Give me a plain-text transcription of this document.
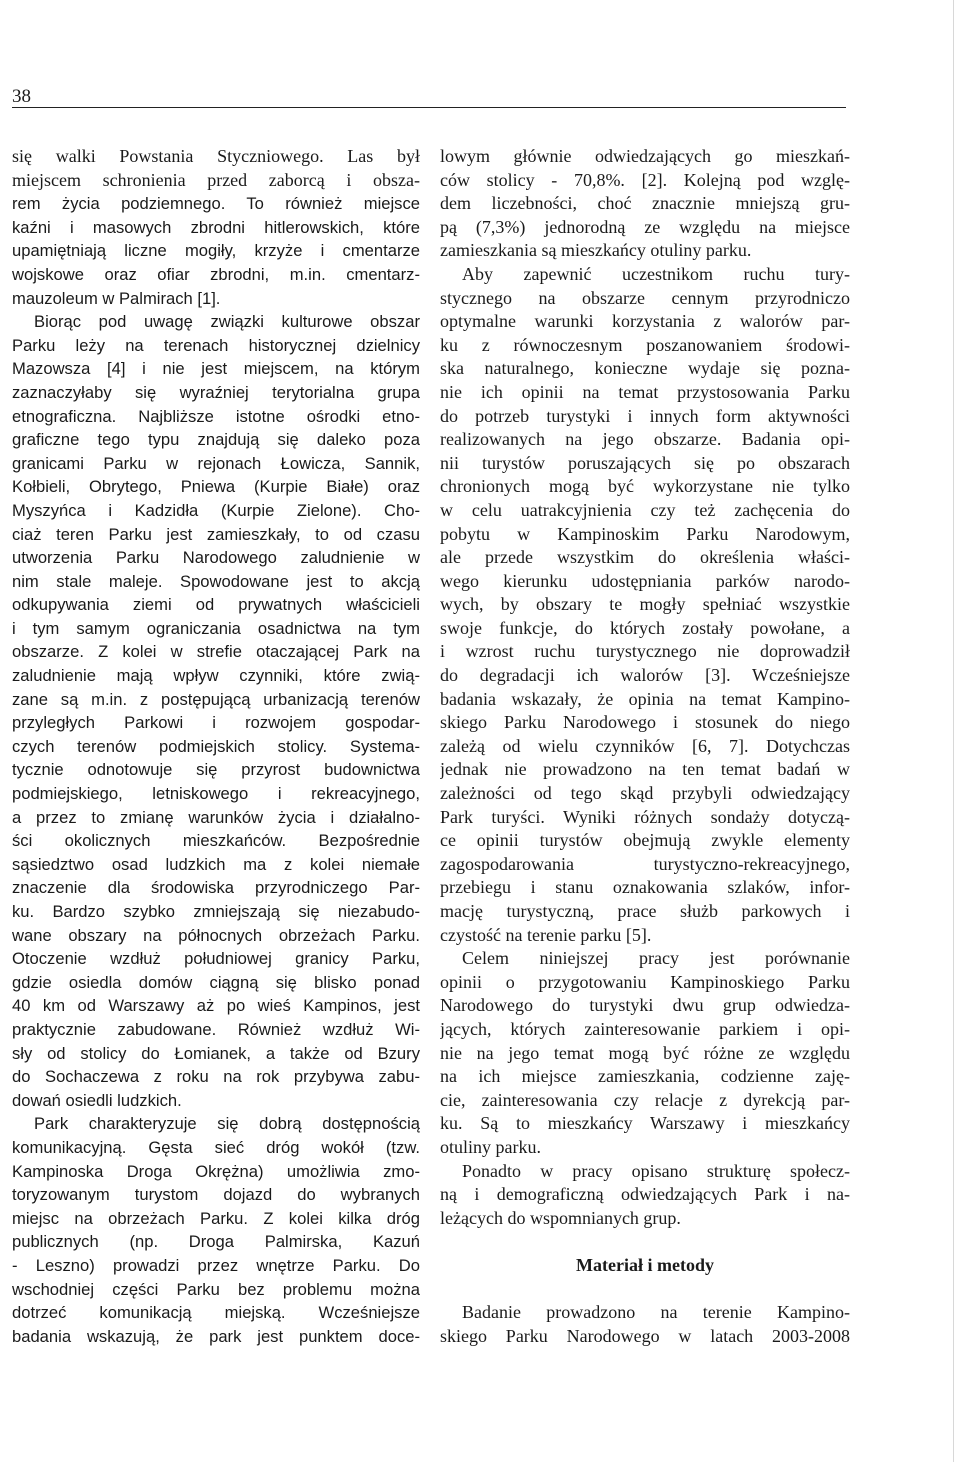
38
się walki Powstania Styczniowego. Las był
miejscem schronienia przed zaborcą i obsza-
rem życia podziemnego. To również miejsce
kaźni i masowych zbrodni hitlerowskich, które
upamiętniają liczne mogiły, krzyże i cmentarze
wojskowe oraz ofiar zbrodni, m.in. cmentarz-
mauzoleum w Palmirach [1].
Biorąc pod uwagę związki kulturowe obszar
Parku leży na terenach historycznej dzielnicy
Mazowsza [4] i nie jest miejscem, na którym
zaznaczyłaby się wyraźniej terytorialna grupa
etnograficzna. Najbliższe istotne ośrodki etno-
graficzne tego typu znajdują się daleko poza
granicami Parku w rejonach Łowicza, Sannik,
Kołbieli, Obrytego, Pniewa (Kurpie Białe) oraz
Myszyńca i Kadzidła (Kurpie Zielone). Cho-
ciaż teren Parku jest zamieszkały, to od czasu
utworzenia Parku Narodowego zaludnienie w
nim stale maleje. Spowodowane jest to akcją
odkupywania ziemi od prywatnych właścicieli
i tym samym ograniczania osadnictwa na tym
obszarze. Z kolei w strefie otaczającej Park na
zaludnienie mają wpływ czynniki, które zwią-
zane są m.in. z postępującą urbanizacją terenów
przyległych Parkowi i rozwojem gospodar-
czych terenów podmiejskich stolicy. Systema-
tycznie odnotowuje się przyrost budownictwa
podmiejskiego, letniskowego i rekreacyjnego,
a przez to zmianę warunków życia i działalno-
ści okolicznych mieszkańców. Bezpośrednie
sąsiedztwo osad ludzkich ma z kolei niemałe
znaczenie dla środowiska przyrodniczego Par-
ku. Bardzo szybko zmniejszają się niezabudo-
wane obszary na północnych obrzeżach Parku.
Otoczenie wzdłuż południowej granicy Parku,
gdzie osiedla domów ciągną się blisko ponad
40 km od Warszawy aż po wieś Kampinos, jest
praktycznie zabudowane. Również wzdłuż Wi-
sły od stolicy do Łomianek, a także od Bzury
do Sochaczewa z roku na rok przybywa zabu-
dowań osiedli ludzkich.
Park charakteryzuje się dobrą dostępnością
komunikacyjną. Gęsta sieć dróg wokół (tzw.
Kampinoska Droga Okrężna) umożliwia zmo-
toryzowanym turystom dojazd do wybranych
miejsc na obrzeżach Parku. Z kolei kilka dróg
publicznych (np. Droga Palmirska, Kazuń
- Leszno) prowadzi przez wnętrze Parku. Do
wschodniej części Parku bez problemu można
dotrzeć komunikacją miejską. Wcześniejsze
badania wskazują, że park jest punktem doce-
lowym głównie odwiedzających go mieszkań-
ców stolicy - 70,8%. [2]. Kolejną pod wzglę-
dem liczebności, choć znacznie mniejszą gru-
pą (7,3%) jednorodną ze względu na miejsce
zamieszkania są mieszkańcy otuliny parku.
Aby zapewnić uczestnikom ruchu tury-
stycznego na obszarze cennym przyrodniczo
optymalne warunki korzystania z walorów par-
ku z równoczesnym poszanowaniem środowi-
ska naturalnego, konieczne wydaje się pozna-
nie ich opinii na temat przystosowania Parku
do potrzeb turystyki i innych form aktywności
realizowanych na jego obszarze. Badania opi-
nii turystów poruszających się po obszarach
chronionych mogą być wykorzystane nie tylko
w celu uatrakcyjnienia czy też zachęcenia do
pobytu w Kampinoskim Parku Narodowym,
ale przede wszystkim do określenia właści-
wego kierunku udostępniania parków narodo-
wych, by obszary te mogły spełniać wszystkie
swoje funkcje, do których zostały powołane, a
i wzrost ruchu turystycznego nie doprowadził
do degradacji ich walorów [3]. Wcześniejsze
badania wskazały, że opinia na temat Kampino-
skiego Parku Narodowego i stosunek do niego
zależą od wielu czynników [6, 7]. Dotychczas
jednak nie prowadzono na ten temat badań w
zależności od tego skąd przybyli odwiedzający
Park turyści. Wyniki różnych sondaży dotyczą-
ce opinii turystów obejmują zwykle elementy
zagospodarowania turystyczno-rekreacyjnego,
przebiegu i stanu oznakowania szlaków, infor-
mację turystyczną, prace służb parkowych i
czystość na terenie parku [5].
Celem niniejszej pracy jest porównanie
opinii o przygotowaniu Kampinoskiego Parku
Narodowego do turystyki dwu grup odwiedza-
jących, których zainteresowanie parkiem i opi-
nie na jego temat mogą być różne ze względu
na ich miejsce zamieszkania, codzienne zaję-
cie, zainteresowania czy relacje z dyrekcją par-
ku. Są to mieszkańcy Warszawy i mieszkańcy
otuliny parku.
Ponadto w pracy opisano strukturę społecz-
ną i demograficzną odwiedzających Park i na-
leżących do wspomnianych grup.
Materiał i metody
Badanie prowadzono na terenie Kampino-
skiego Parku Narodowego w latach 2003-2008
